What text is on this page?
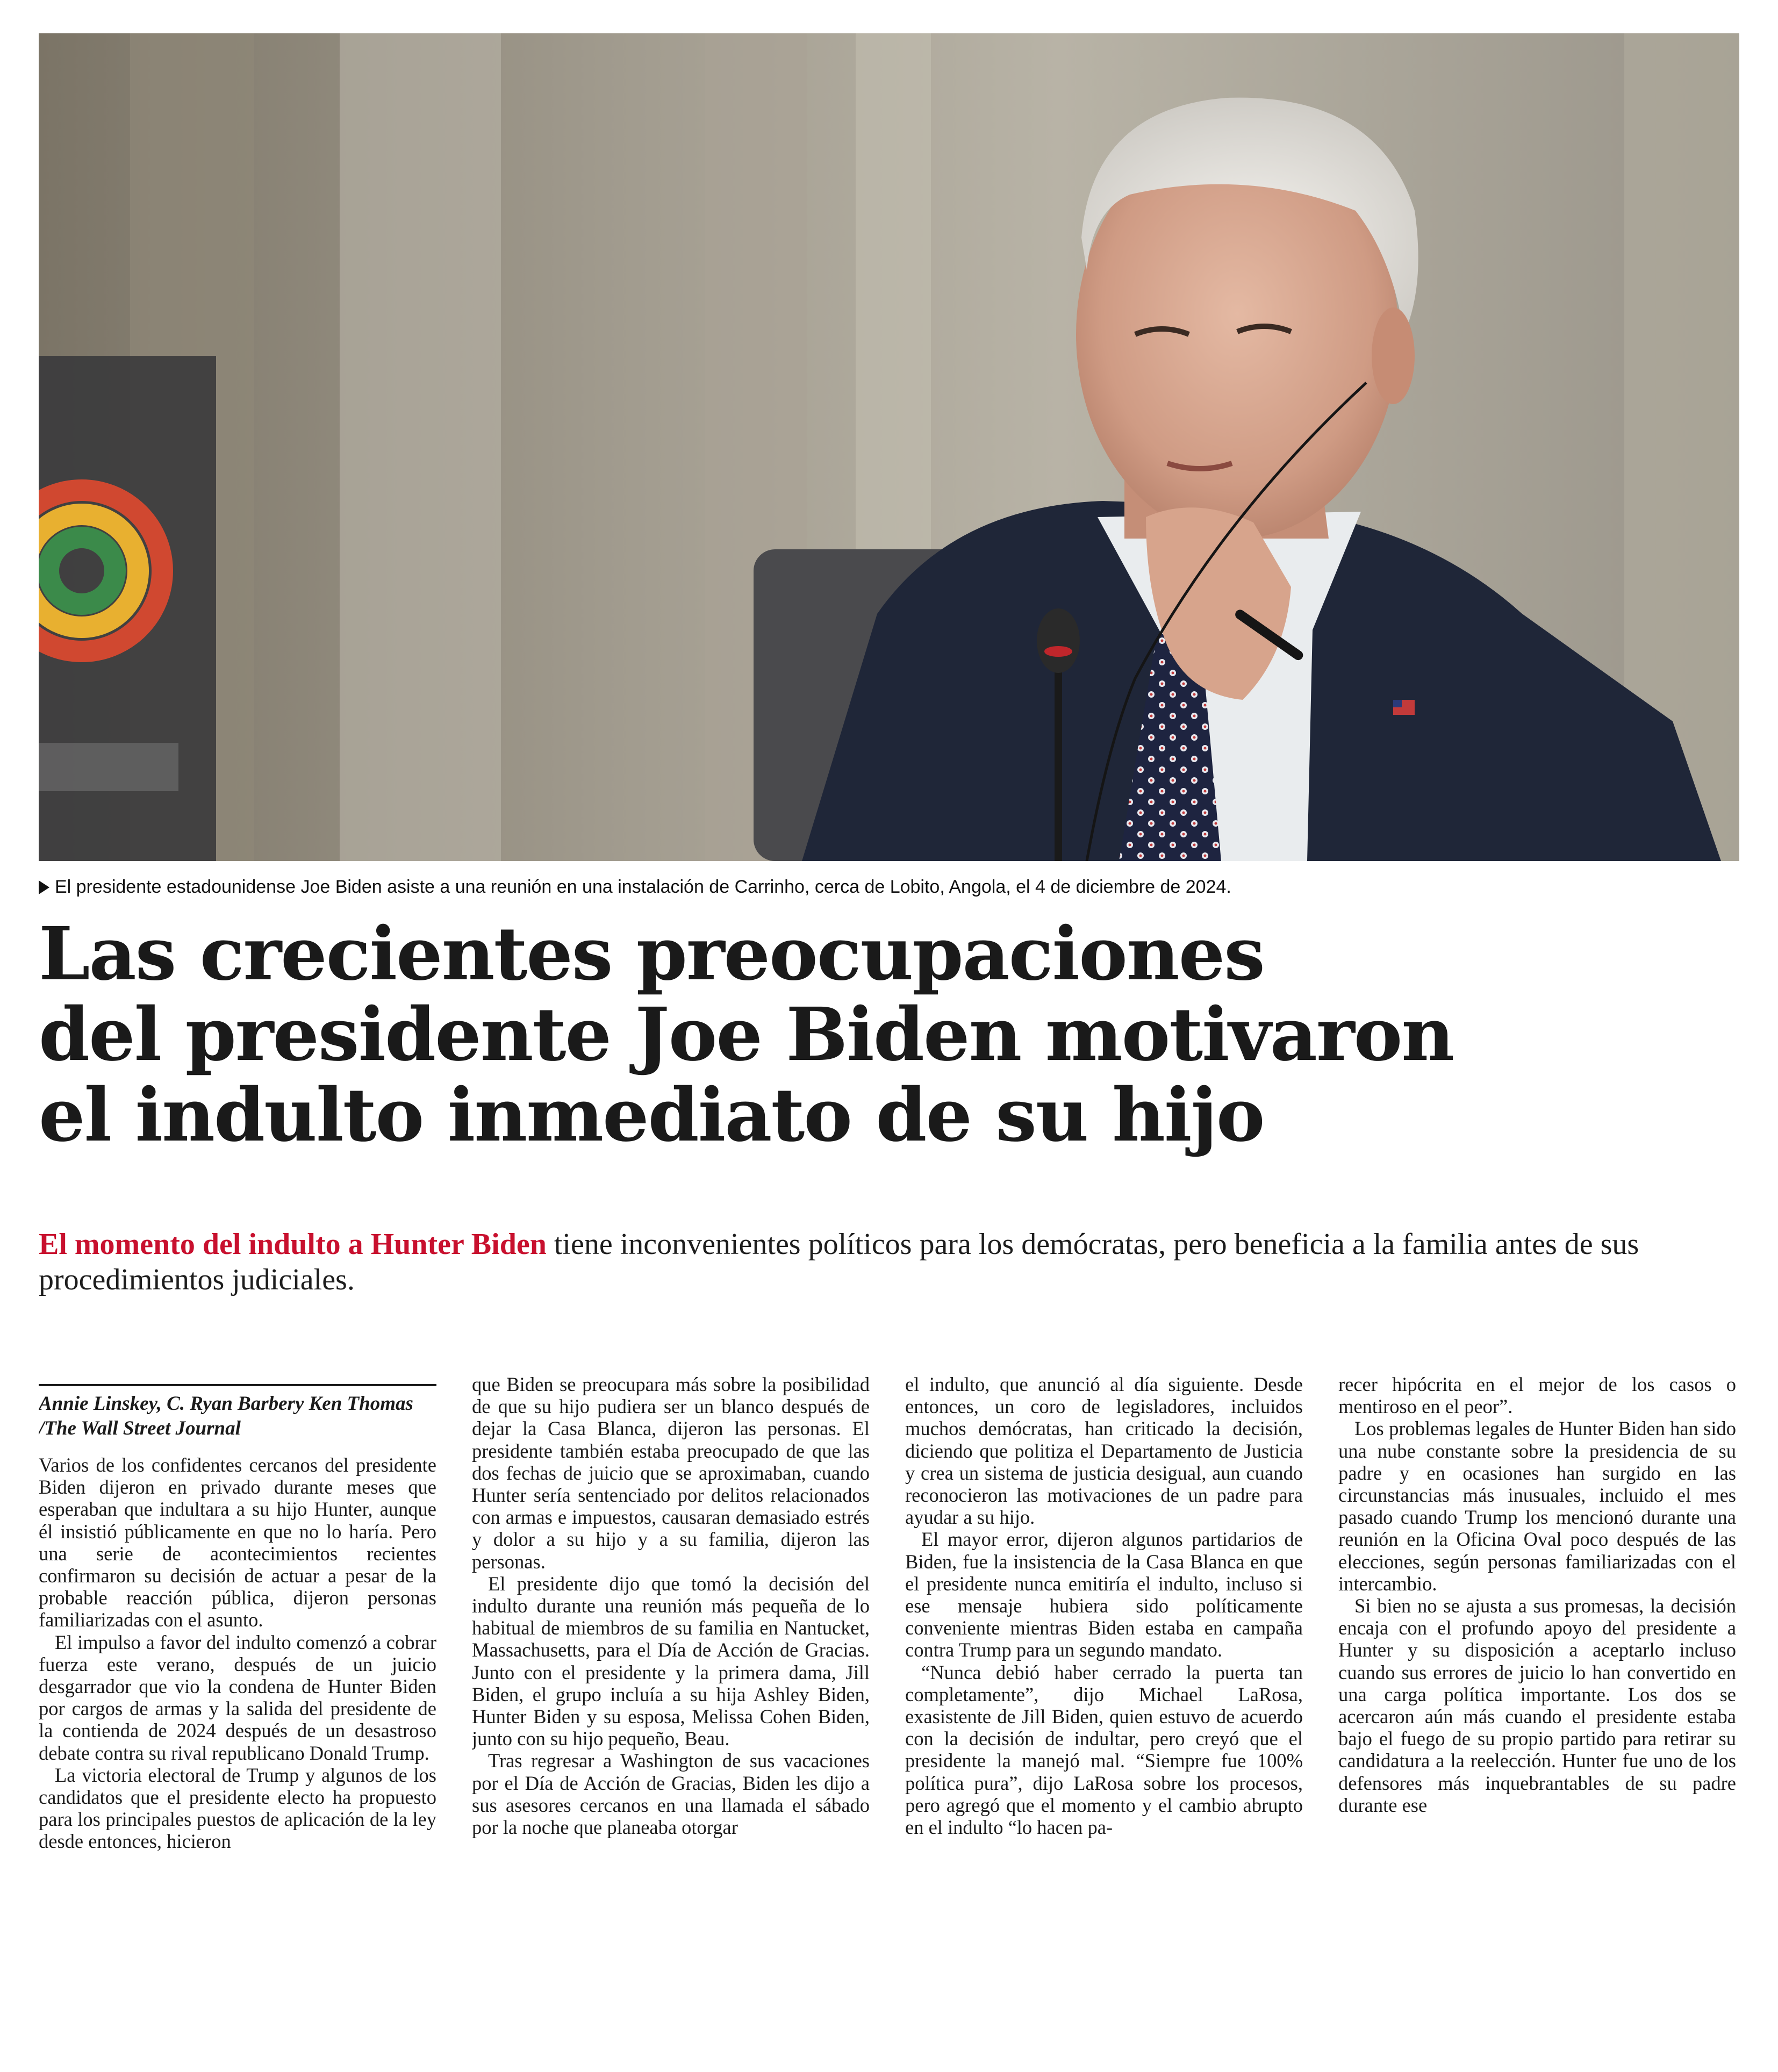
El presidente estadounidense Joe Biden asiste a una reunión en una instalación de Carrinho, cerca de Lobito, Angola, el 4 de diciembre de 2024.
Las crecientes preocupaciones
del presidente Joe Biden motivaron
el indulto inmediato de su hijo
El momento del indulto a Hunter Biden tiene inconvenientes políticos para los demócratas, pero beneficia a la familia antes de sus procedimientos judiciales.
Annie Linskey, C. Ryan Barbery Ken Thomas /The Wall Street Journal

Varios de los confidentes cercanos del presidente Biden dijeron en privado durante meses que esperaban que indultara a su hijo Hunter, aunque él insistió públicamente en que no lo haría. Pero una serie de acontecimientos recientes confirmaron su decisión de actuar a pesar de la probable reacción pública, dijeron personas familiarizadas con el asunto.

El impulso a favor del indulto comenzó a cobrar fuerza este verano, después de un juicio desgarrador que vio la condena de Hunter Biden por cargos de armas y la salida del presidente de la contienda de 2024 después de un desastroso debate contra su rival republicano Donald Trump.

La victoria electoral de Trump y algunos de los candidatos que el presidente electo ha propuesto para los principales puestos de aplicación de la ley desde entonces, hicieron

que Biden se preocupara más sobre la posibilidad de que su hijo pudiera ser un blanco después de dejar la Casa Blanca, dijeron las personas. El presidente también estaba preocupado de que las dos fechas de juicio que se aproximaban, cuando Hunter sería sentenciado por delitos relacionados con armas e impuestos, causaran demasiado estrés y dolor a su hijo y a su familia, dijeron las personas.

El presidente dijo que tomó la decisión del indulto durante una reunión más pequeña de lo habitual de miembros de su familia en Nantucket, Massachusetts, para el Día de Acción de Gracias. Junto con el presidente y la primera dama, Jill Biden, el grupo incluía a su hija Ashley Biden, Hunter Biden y su esposa, Melissa Cohen Biden, junto con su hijo pequeño, Beau.

Tras regresar a Washington de sus vacaciones por el Día de Acción de Gracias, Biden les dijo a sus asesores cercanos en una llamada el sábado por la noche que planeaba otorgar

el indulto, que anunció al día siguiente. Desde entonces, un coro de legisladores, incluidos muchos demócratas, han criticado la decisión, diciendo que politiza el Departamento de Justicia y crea un sistema de justicia desigual, aun cuando reconocieron las motivaciones de un padre para ayudar a su hijo.

El mayor error, dijeron algunos partidarios de Biden, fue la insistencia de la Casa Blanca en que el presidente nunca emitiría el indulto, incluso si ese mensaje hubiera sido políticamente conveniente mientras Biden estaba en campaña contra Trump para un segundo mandato.

“Nunca debió haber cerrado la puerta tan completamente”, dijo Michael LaRosa, exasistente de Jill Biden, quien estuvo de acuerdo con la decisión de indultar, pero creyó que el presidente la manejó mal. “Siempre fue 100% política pura”, dijo LaRosa sobre los procesos, pero agregó que el momento y el cambio abrupto en el indulto “lo hacen pa-

recer hipócrita en el mejor de los casos o mentiroso en el peor”.

Los problemas legales de Hunter Biden han sido una nube constante sobre la presidencia de su padre y en ocasiones han surgido en las circunstancias más inusuales, incluido el mes pasado cuando Trump los mencionó durante una reunión en la Oficina Oval poco después de las elecciones, según personas familiarizadas con el intercambio.

Si bien no se ajusta a sus promesas, la decisión encaja con el profundo apoyo del presidente a Hunter y su disposición a aceptarlo incluso cuando sus errores de juicio lo han convertido en una carga política importante. Los dos se acercaron aún más cuando el presidente estaba bajo el fuego de su propio partido para retirar su candidatura a la reelección. Hunter fue uno de los defensores más inquebrantables de su padre durante ese
